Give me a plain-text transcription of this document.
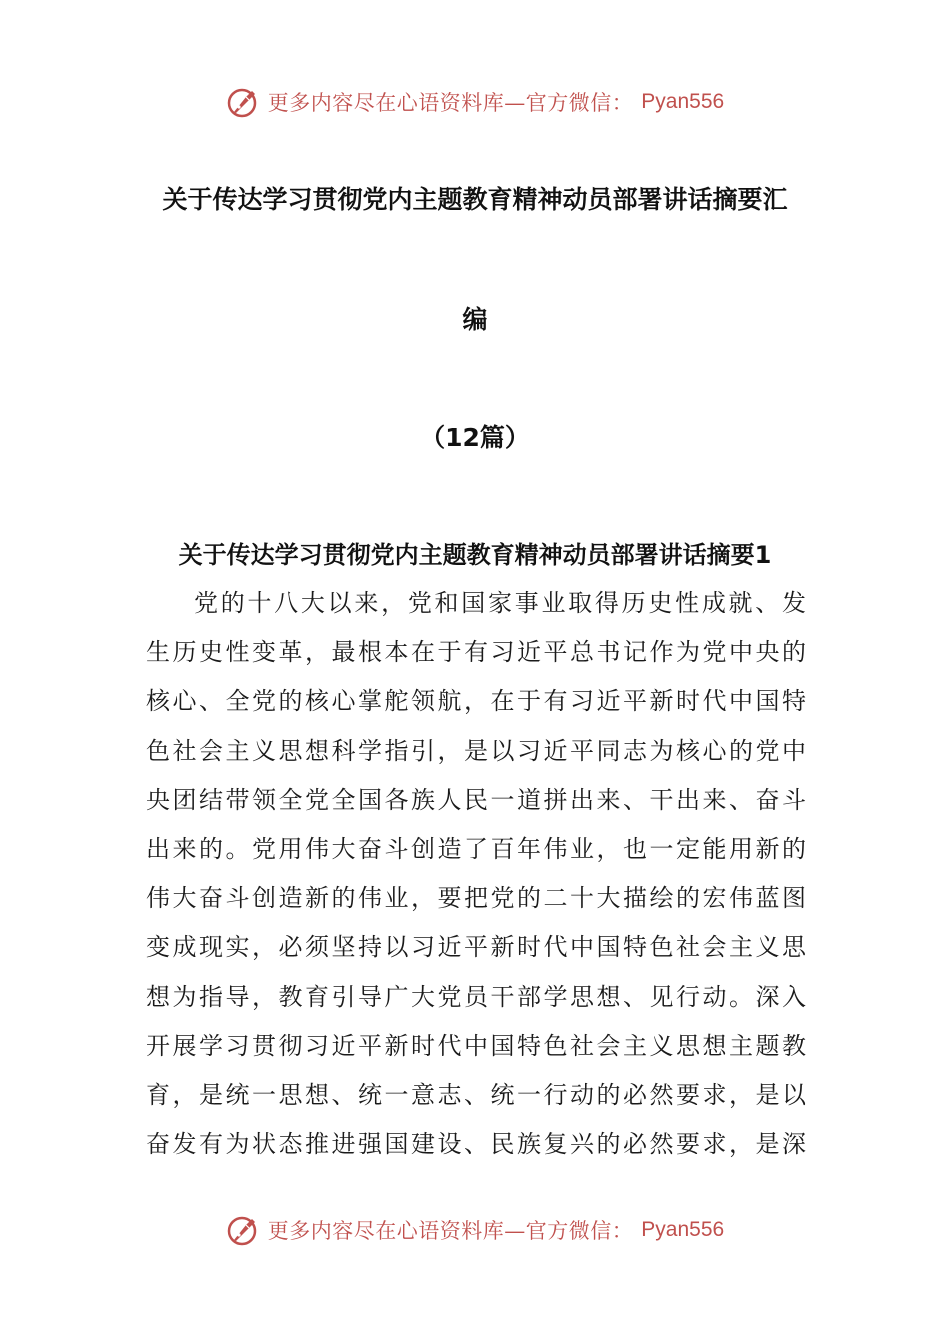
更多内容尽在心语资料库—官方微信： Pyan556
关于传达学习贯彻党内主题教育精神动员部署讲话摘要汇
编
（12篇）
关于传达学习贯彻党内主题教育精神动员部署讲话摘要1
党的十八大以来，党和国家事业取得历史性成就、发
生历史性变革，最根本在于有习近平总书记作为党中央的
核心、全党的核心掌舵领航，在于有习近平新时代中国特
色社会主义思想科学指引，是以习近平同志为核心的党中
央团结带领全党全国各族人民一道拼出来、干出来、奋斗
出来的。党用伟大奋斗创造了百年伟业，也一定能用新的
伟大奋斗创造新的伟业，要把党的二十大描绘的宏伟蓝图
变成现实，必须坚持以习近平新时代中国特色社会主义思
想为指导，教育引导广大党员干部学思想、见行动。深入
开展学习贯彻习近平新时代中国特色社会主义思想主题教
育，是统一思想、统一意志、统一行动的必然要求，是以
奋发有为状态推进强国建设、民族复兴的必然要求，是深
更多内容尽在心语资料库—官方微信： Pyan556
